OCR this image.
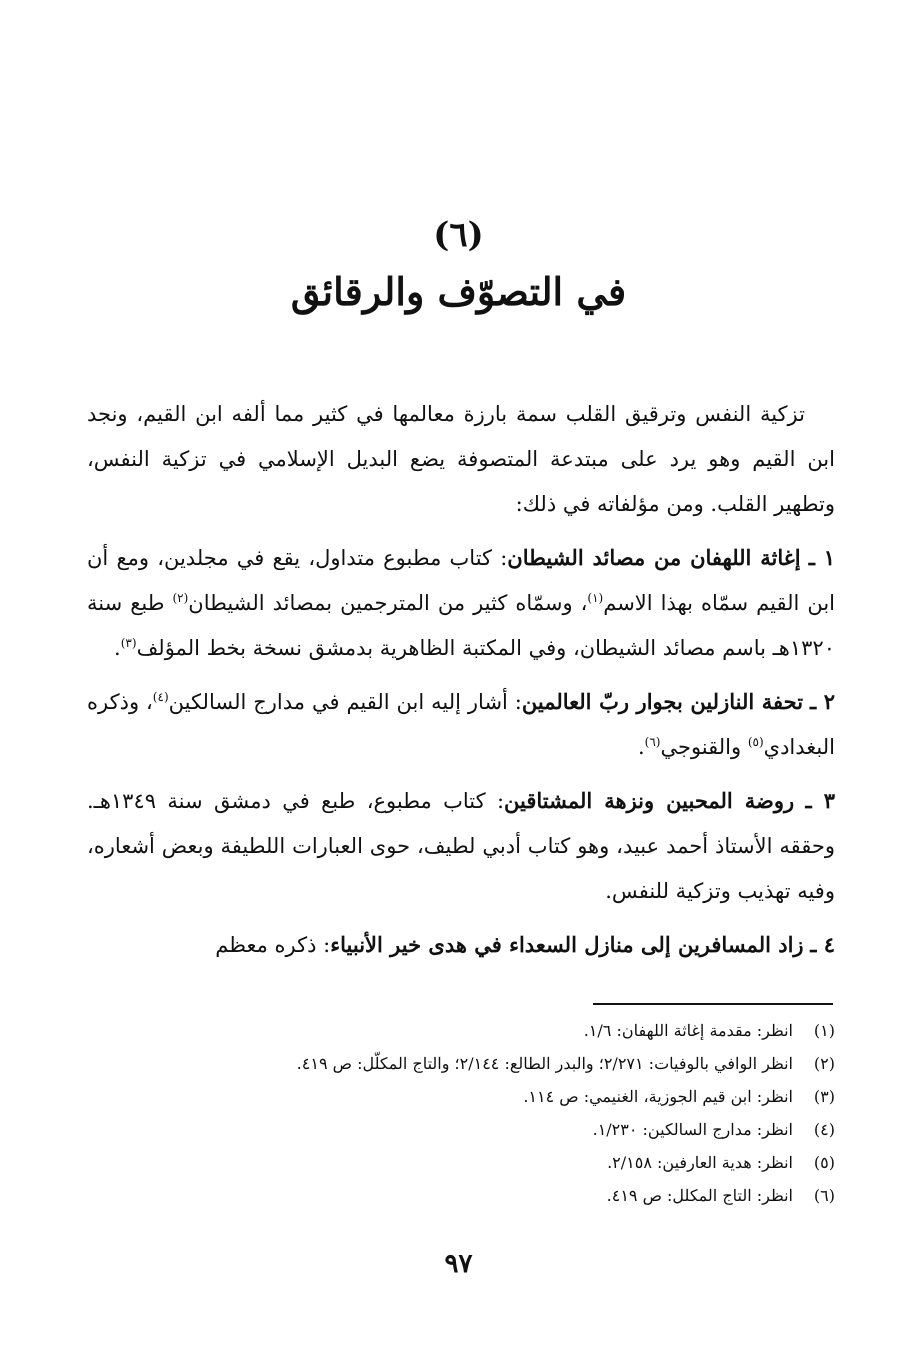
(٦)
في التصوّف والرقائق

تزكية النفس وترقيق القلب سمة بارزة معالمها في كثير مما ألفه ابن القيم، ونجد ابن القيم وهو يرد على مبتدعة المتصوفة يضع البديل الإسلامي في تزكية النفس، وتطهير القلب. ومن مؤلفاته في ذلك:

١ ـ إغاثة اللهفان من مصائد الشيطان: كتاب مطبوع متداول، يقع في مجلدين، ومع أن ابن القيم سمّاه بهذا الاسم$^{(١)}$، وسمّاه كثير من المترجمين بمصائد الشيطان$^{(٢)}$ طبع سنة ١٣٢٠هـ باسم مصائد الشيطان، وفي المكتبة الظاهرية بدمشق نسخة بخط المؤلف$^{(٣)}$.

٢ ـ تحفة النازلين بجوار ربّ العالمين: أشار إليه ابن القيم في مدارج السالكين$^{(٤)}$، وذكره البغدادي$^{(٥)}$ والقنوجي$^{(٦)}$.

٣ ـ روضة المحبين ونزهة المشتاقين: كتاب مطبوع، طبع في دمشق سنة ١٣٤٩هـ. وحققه الأستاذ أحمد عبيد، وهو كتاب أدبي لطيف، حوى العبارات اللطيفة وبعض أشعاره، وفيه تهذيب وتزكية للنفس.

٤ ـ زاد المسافرين إلى منازل السعداء في هدى خير الأنبياء: ذكره معظم

(١)
انظر: مقدمة إغاثة اللهفان: ١/٦.
(٢)
انظر الوافي بالوفيات: ٢/٢٧١؛ والبدر الطالع: ٢/١٤٤؛ والتاج المكلّل: ص ٤١٩.
(٣)
انظر: ابن قيم الجوزية، الغنيمي: ص ١١٤.
(٤)
انظر: مدارج السالكين: ١/٢٣٠.
(٥)
انظر: هدية العارفين: ٢/١٥٨.
(٦)
انظر: التاج المكلل: ص ٤١٩.
٩٧
